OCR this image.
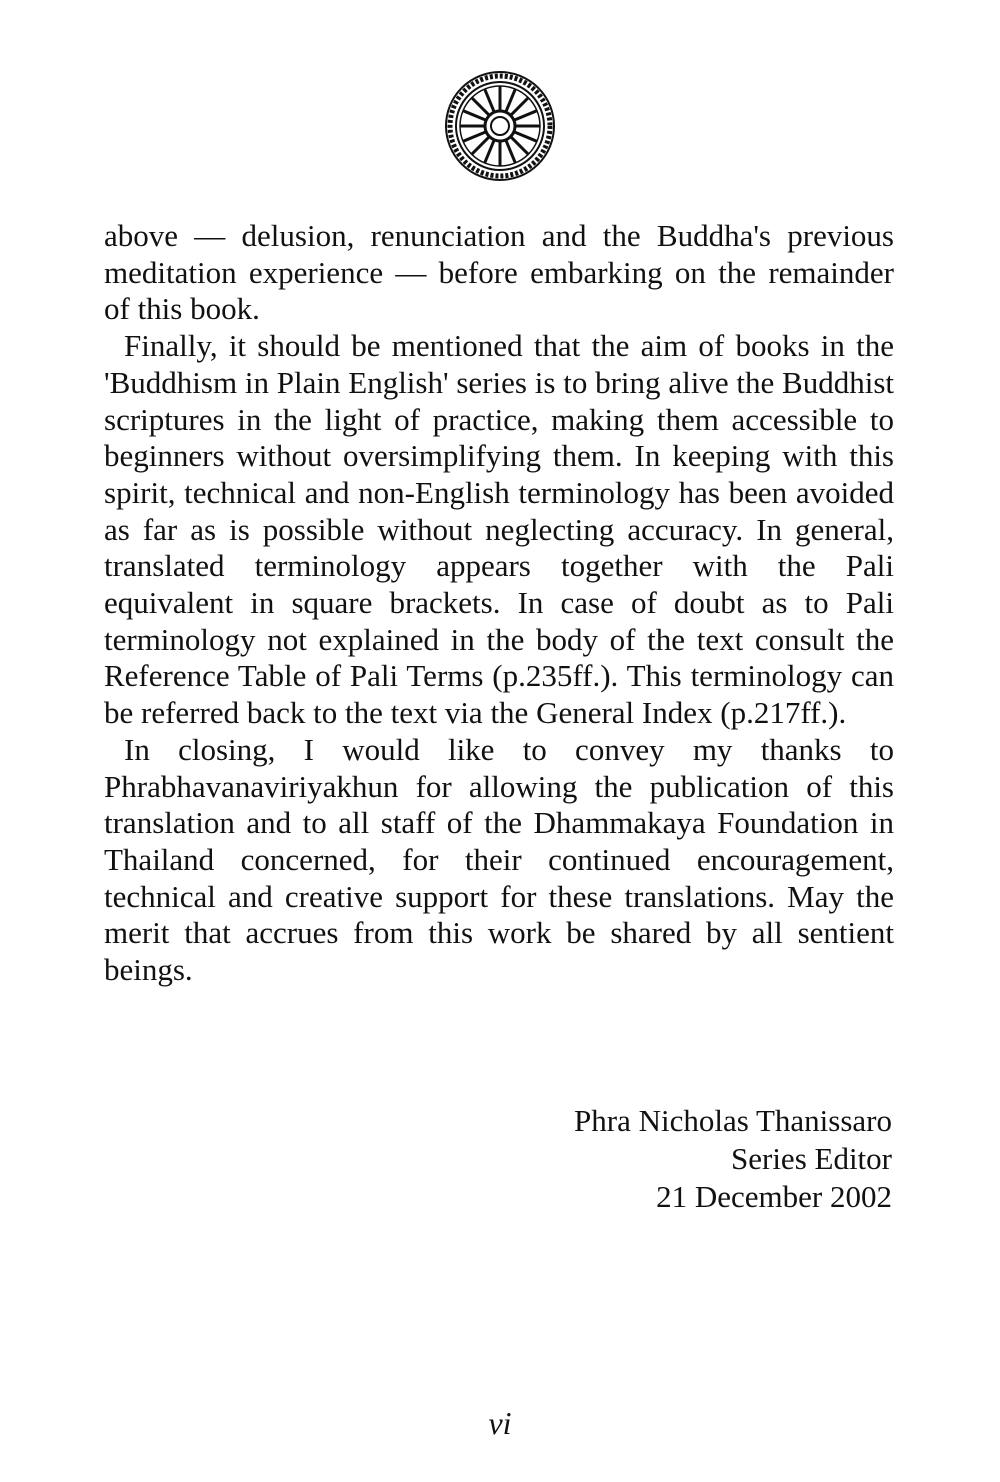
above — delusion, renunciation and the Buddha's previous meditation experience — before embarking on the remainder of this book.

Finally, it should be mentioned that the aim of books in the 'Buddhism in Plain English' series is to bring alive the Buddhist scriptures in the light of practice, making them accessible to beginners without oversimplifying them. In keeping with this spirit, technical and non-English terminology has been avoided as far as is possible without neglecting accuracy. In general, translated terminology appears together with the Pali equivalent in square brackets. In case of doubt as to Pali terminology not explained in the body of the text consult the Reference Table of Pali Terms (p.235ff.). This terminology can be referred back to the text via the General Index (p.217ff.).

In closing, I would like to convey my thanks to Phrabhavanaviriyakhun for allowing the publication of this translation and to all staff of the Dhammakaya Foundation in Thailand concerned, for their continued encouragement, technical and creative support for these translations. May the merit that accrues from this work be shared by all sentient beings.

Phra Nicholas Thanissaro
Series Editor
21 December 2002
vi
